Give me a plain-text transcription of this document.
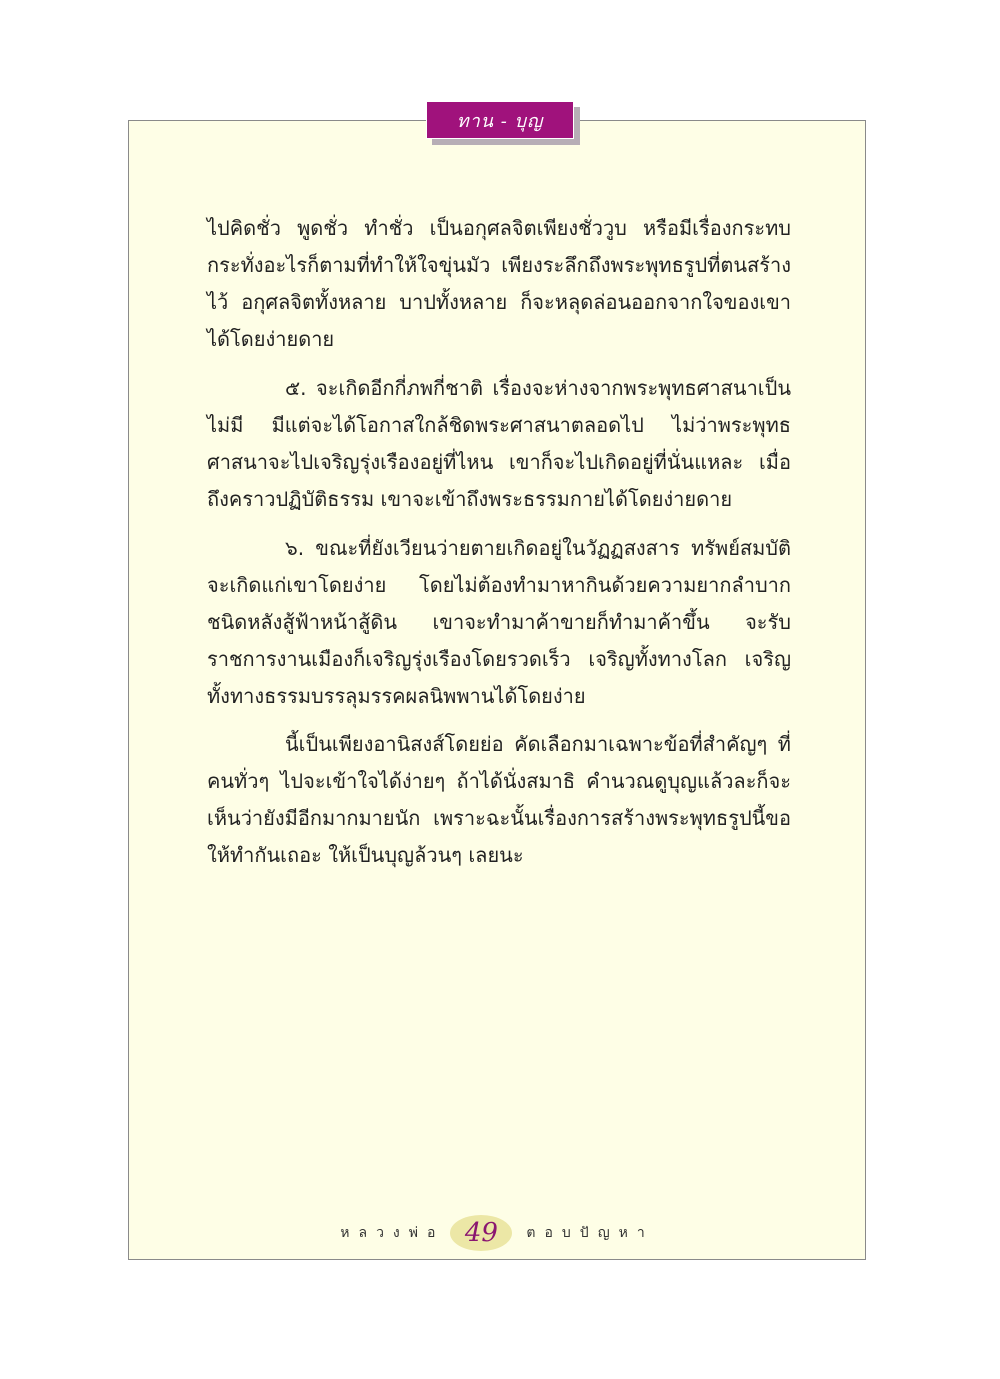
ทาน - บุญ

ไปคิดชั่ว พูดชั่ว ทำชั่ว เป็นอกุศลจิตเพียงชั่ววูบ หรือมีเรื่องกระทบกระทั่งอะไรก็ตามที่ทำให้ใจขุ่นมัว เพียงระลึกถึงพระพุทธรูปที่ตนสร้างไว้ อกุศลจิตทั้งหลาย บาปทั้งหลาย ก็จะหลุดล่อนออกจากใจของเขาได้โดยง่ายดาย

๕. จะเกิดอีกกี่ภพกี่ชาติ เรื่องจะห่างจากพระพุทธศาสนาเป็นไม่มี มีแต่จะได้โอกาสใกล้ชิดพระศาสนาตลอดไป ไม่ว่าพระพุทธศาสนาจะไปเจริญรุ่งเรืองอยู่ที่ไหน เขาก็จะไปเกิดอยู่ที่นั่นแหละ เมื่อถึงคราวปฏิบัติธรรม เขาจะเข้าถึงพระธรรมกายได้โดยง่ายดาย

๖. ขณะที่ยังเวียนว่ายตายเกิดอยู่ในวัฏฏสงสาร ทรัพย์สมบัติจะเกิดแก่เขาโดยง่าย โดยไม่ต้องทำมาหากินด้วยความยากลำบากชนิดหลังสู้ฟ้าหน้าสู้ดิน เขาจะทำมาค้าขายก็ทำมาค้าขึ้น จะรับราชการงานเมืองก็เจริญรุ่งเรืองโดยรวดเร็ว เจริญทั้งทางโลก เจริญทั้งทางธรรมบรรลุมรรคผลนิพพานได้โดยง่าย

นี้เป็นเพียงอานิสงส์โดยย่อ คัดเลือกมาเฉพาะข้อที่สำคัญๆ ที่คนทั่วๆ ไปจะเข้าใจได้ง่ายๆ ถ้าได้นั่งสมาธิ คำนวณดูบุญแล้วละก็จะเห็นว่ายังมีอีกมากมายนัก เพราะฉะนั้นเรื่องการสร้างพระพุทธรูปนี้ขอให้ทำกันเถอะ ให้เป็นบุญล้วนๆ เลยนะ

หลวงพ่อ 49	ตอบปัญหา
